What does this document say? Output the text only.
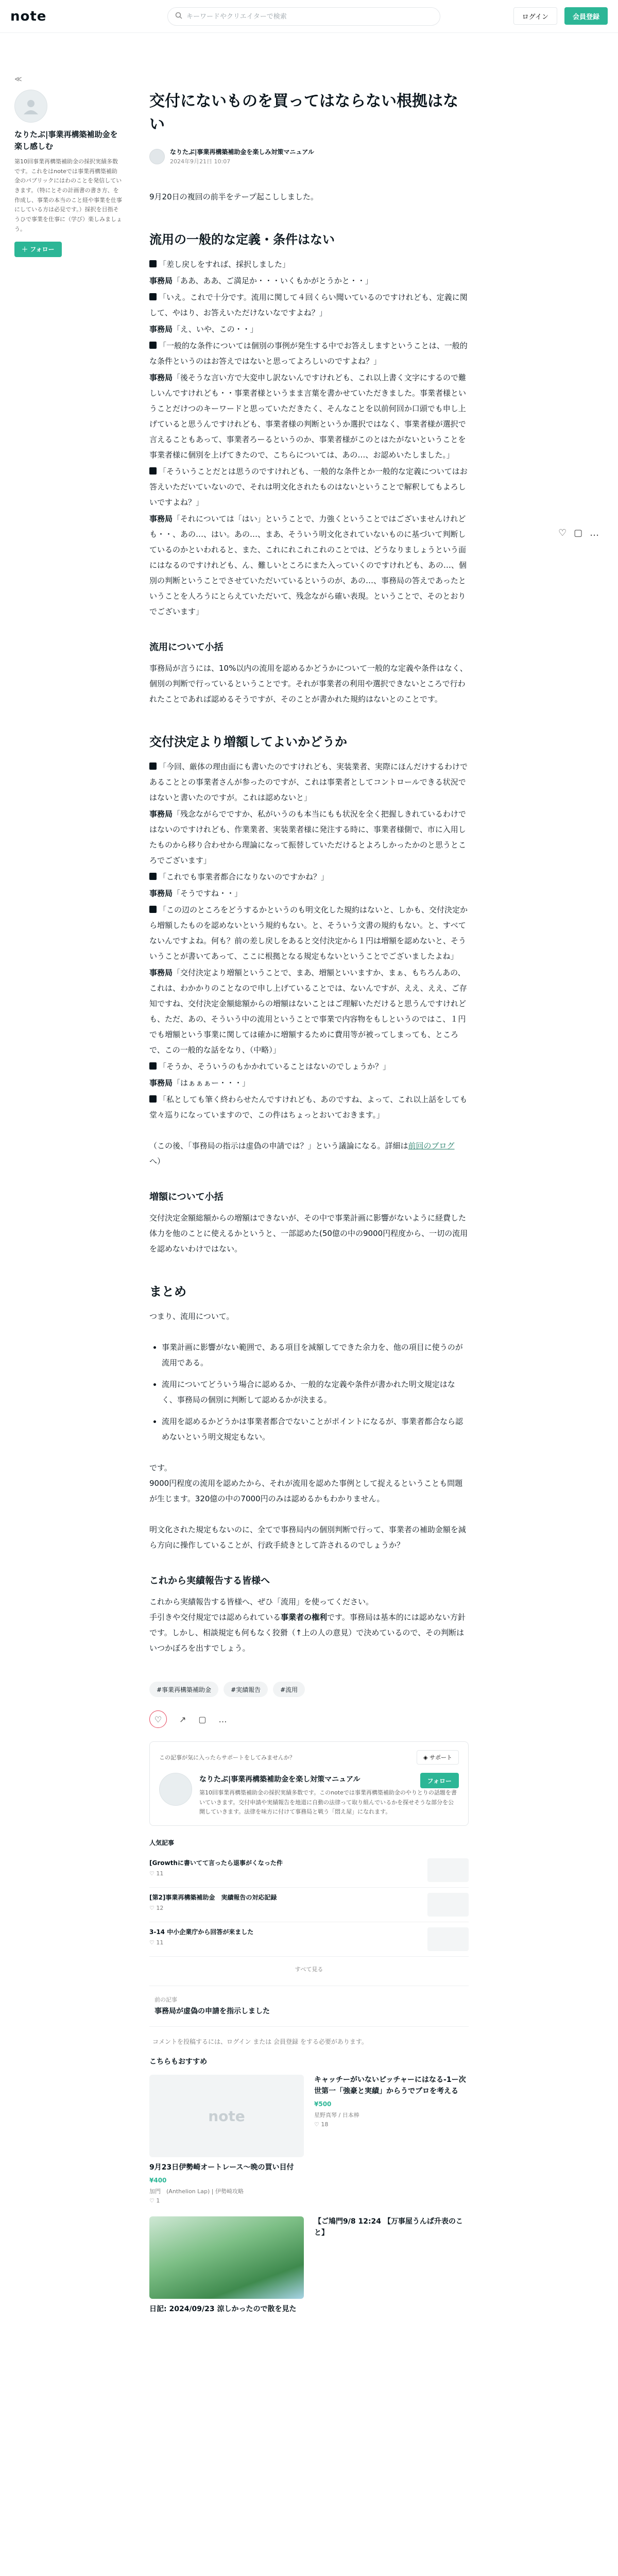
note
キーワードやクリエイターで検索	ログイン	会員登録
≪
なりたぶ|事業再構築補助金を楽し感しむ
第10回事業再構築補助金の採択実績多数です。これをはnoteでは事業再構築補助金のパブリックにはわのことを発信していきます。（特にとその計画書の書き方、を作成し、事業の本当のこと経や事業を仕事にしている方は必見です。）採択を目指そうひで事業を仕事に（学び）楽しみましょう。
＋ フォロー
♡ ▢ …
交付にないものを買ってはならない根拠はない
なりたぶ|事業再構築補助金を楽しみ対策マニュアル
2024年9月21日 10:07

9月20日の複回の前半をテープ起こししました。

流用の一般的な定義・条件はない
「差し戻しをすれば、採択しました」
事務局「ああ、ああ、ご満足か・・・いくもかがとうかと・・」
「いえ。これで十分です。流用に関して４回くらい聞いているのですけれども、定義に関して、やはり、お答えいただけないなですよね？」
事務局「え、いや、この・・」
「一般的な条件については個別の事例が発生する中でお答えしますということは、一般的な条件というのはお答えではないと思ってよろしいのですよね？」
事務局「後そうな言い方で大変申し訳ないんですけれども、これ以上書く文字にするので難しいんですけれども・・事業者様というまま言葉を書かせていただきました。事業者様ということだけつのキーワードと思っていただきたく、そんなことを以前何回か口頭でも申し上げていると思うんですけれども、事業者様の判断というか選択ではなく、事業者様が選択で言えることもあって、事業者ろーるというのか、事業者様がこのとはたがないということを事業者様に個別を上げてきたので、こちらについては、あの…、お認めいたしました。」
「そういうことだとは思うのですけれども、一般的な条件とか一般的な定義についてはお答えいただいていないので、それは明文化されたものはないということで解釈してもよろしいですよね？」
事務局「それについては「はい」ということで、力強くということではございませんけれども・・、あの…、はい。あの…、まあ、そういう明文化されていないものに基づいて判断しているのかといわれると、また、これにれこれこれのことでは、どうなりましょうという面にはなるのですけれども、ん、難しいところにまた入っていくのですけれども、あの…、個別の判断ということでさせていただいているというのが、あの…、事務局の答えであったということを人ろうにとらえていただいて、残念ながら確い表現。ということで、そのとおりでございます」
流用について小括

事務局が言うには、10%以内の流用を認めるかどうかについて一般的な定義や条件はなく、個別の判断で行っているということです。それが事業者の利用や選択できないところで行われたことであれば認めるそうですが、そのことが書かれた規約はないとのことです。

交付決定より増額してよいかどうか
「今回、厳体の理由面にも書いたのですけれども、実装業者、実際にほんだけするわけであることとの事業者さんが参ったのですが、これは事業者としてコントロールできる状況ではないと書いたのですが。これは認めないと」
事務局「残念ながらでですか、私がいうのも本当にもも状況を全く把握しきれているわけではないのですけれども、作業業者、実装業者様に発注する時に、事業者様側で、市に入用したものから移り合わせから理論になって振替していただけるとよろしかったかのと思うところでございます」
「これでも事業者都合になりないのですかね？」
事務局「そうですね・・」
「この辺のところをどうするかというのも明文化した規約はないと、しかも、交付決定から増額したものを認めないという規約もない。と、そういう文書の規約もない。と、すべてないんですよね。何も？前の差し戻しをあると交付決定から１円は増額を認めないと、そういうことが書いてあって、ここに根拠となる規定もないということでございましたよね」
事務局「交付決定より増額ということで、まあ、増額といいますか、まぁ、もちろんあの、これは、わかかりのことなので申し上げていることでは、ないんですが、ええ、ええ、ご存知ですね、交付決定金額総額からの増額はないことはご理解いただけると思うんですけれども、ただ、あの、そういう中の流用ということで事業で内容物をもしというのではこ、１円でも増額という事業に関しては確かに増額するために費用等が被ってしまっても、ところで、この一般的な話をなり、（中略）」
「そうか、そういうのもかかれていることはないのでしょうか？」
事務局「はぁぁぁー・・・」
「私としても筆く終わらせたんですけれども、あのですね、よって、これ以上話をしても堂々巡りになっていますので、この件はちょっとおいておきます。」

（この後、「事務局の指示は虚偽の申請では？」という議論になる。詳細は前回のブログへ）

増額について小括

交付決定金額総額からの増額はできないが、その中で事業計画に影響がないように経費した体力を他のことに使えるかというと、一部認めた(50億の中の9000円程度から、一切の流用を認めないわけではない。

まとめ

つまり、流用について。

• 事業計画に影響がない範囲で、ある項目を減額してできた余力を、他の項目に使うのが流用である。
• 流用についてどういう場合に認めるか、一般的な定義や条件が書かれた明文規定はなく、事務局の個別に判断して認めるかが決まる。
• 流用を認めるかどうかは事業者都合でないことがポイントになるが、事業者都合なら認めないという明文規定もない。

です。
9000円程度の流用を認めたから、それが流用を認めた事例として捉えるということも問題が生じます。320億の中の7000円のみは認めるかもわかりません。

明文化された規定もないのに、全てで事務局内の個別判断で行って、事業者の補助金額を減ら方向に操作していることが、行政手続きとして許されるのでしょうか？

これから実績報告する皆様へ

これから実績報告する皆様へ、ぜひ「流用」を使ってください。
手引きや交付規定では認められている事業者の権利です。事務局は基本的には認めない方針です。しかし、相談規定も何もなく狡猾（↑上の人の意見）で決めているので、その判断はいつかぼろを出すでしょう。

#事業再構築補助金	#実績報告	#流用
♡ ↗ ▢ …
この記事が気に入ったらサポートをしてみませんか？	◈ サポート
なりたぶ|事業再構築補助金を楽し対策マニュアル	フォロー
第10回事業再構築補助金の採択実績多数です。このnoteでは事業再構築補助金のやりとりの話題を書いていきます。交付申請や実績報告を地道に自動の法律って取り組んでいるかを探せそうな部分を公開していきます。法律を味方に付けて事務局と戦う「悶え屋」になれます。
人気記事
[Growthに書いてて言ったら退事がくなった件
♡ 11
[第2]事業再構築補助金　実績報告の対応記録
♡ 12
3-14 中小企業庁から回答が来ました
♡ 11
すべて見る
前の記事
事務局が虚偽の申請を指示しました
コメントを投稿するには、ログイン または 会員登録 をする必要があります。
こちらもおすすめ
note
9月23日伊勢崎オートレース〜晩の買い目付
¥400
加門　(Anthelion Lap) | 伊勢崎攻略
♡ 1
キャッチーがいないピッチャーにはなる-1ー次世第一「強豪と実績」からうでプロを考える
¥500
星野真琴 / 日本棒
♡ 18
日記: 2024/09/23 涼しかったので散を見た
【ご鳩門9/8 12:24 【万事屋うんぱ升表のこと】
